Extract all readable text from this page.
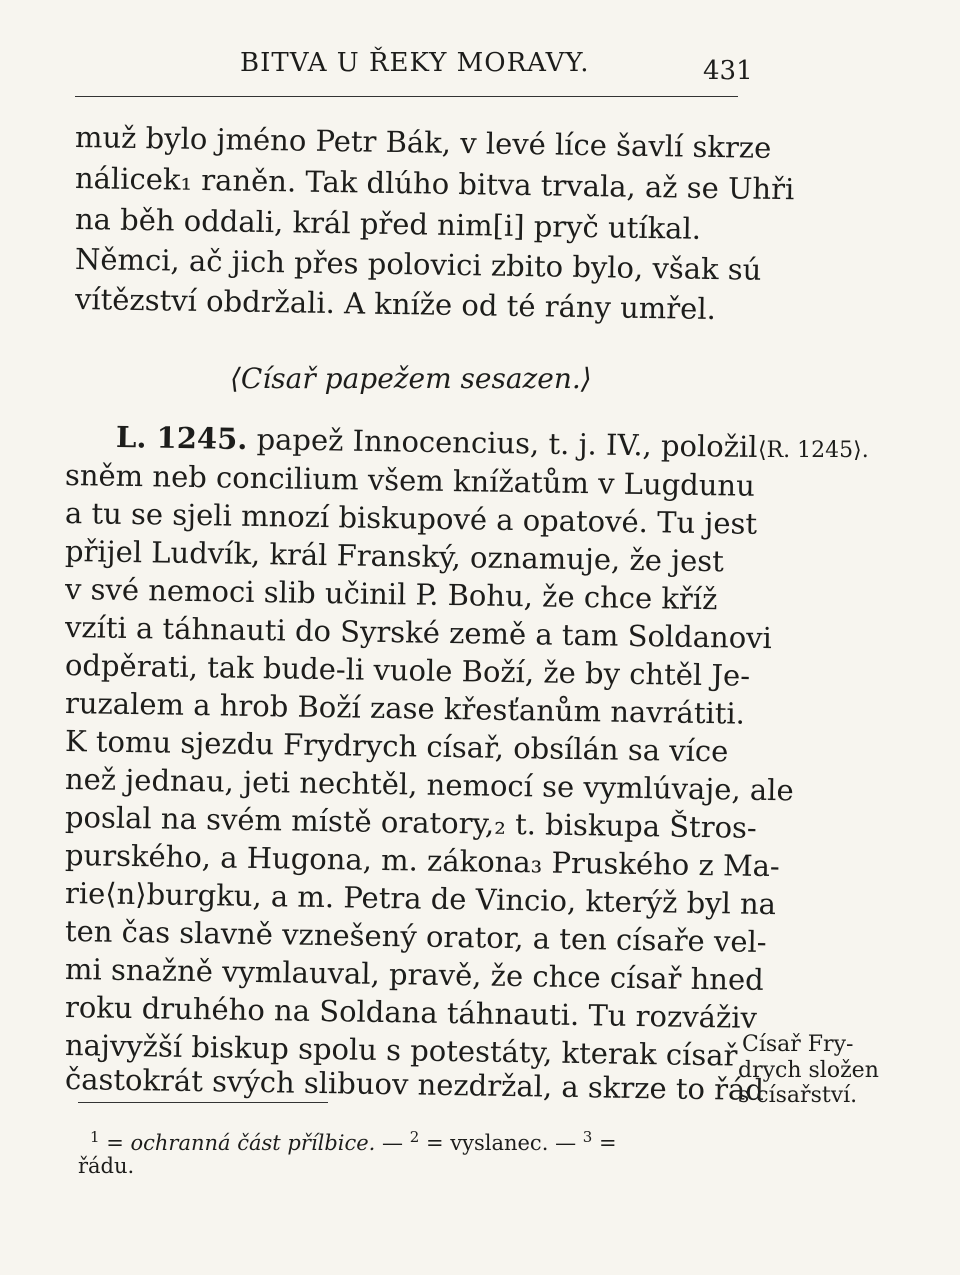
BITVA U ŘEKY MORAVY.	431
muž bylo jméno Petr Bák, v levé líce šavlí skrze
nálicek₁ raněn. Tak dlúho bitva trvala, až se Uhři
na běh oddali, král před nim[i] pryč utíkal.
Němci, ač jich přes polovici zbito bylo, však sú
vítězství obdržali. A kníže od té rány umřel.
⟨Císař papežem sesazen.⟩
L. 1245. papež Innocencius, t. j. IV., položil
sněm neb concilium všem knížatům v Lugdunu
a tu se sjeli mnozí biskupové a opatové. Tu jest
přijel Ludvík, král Franský, oznamuje, že jest
v své nemoci slib učinil P. Bohu, že chce kříž
vzíti a táhnauti do Syrské země a tam Soldanovi
odpěrati, tak bude-li vuole Boží, že by chtěl Je-
ruzalem a hrob Boží zase křesťanům navrátiti.
K tomu sjezdu Frydrych císař, obsílán sa více
než jednau, jeti nechtěl, nemocí se vymlúvaje, ale
poslal na svém místě oratory,₂ t. biskupa Štros-
purského, a Hugona, m. zákona₃ Pruského z Ma-
rie⟨n⟩burgku, a m. Petra de Vincio, kterýž byl na
ten čas slavně vznešený orator, a ten císaře vel-
mi snažně vymlauval, pravě, že chce císař hned
roku druhého na Soldana táhnauti. Tu rozváživ
najvyžší biskup spolu s potestáty, kterak císař
častokrát svých slibuov nezdržal, a skrze to řád
⟨R. 1245⟩.
Císař Fry-
drych složen
s císařství.
$^1$ = ochranná část přílbice. — $^2$ = vyslanec. — $^3$ =
řádu.
